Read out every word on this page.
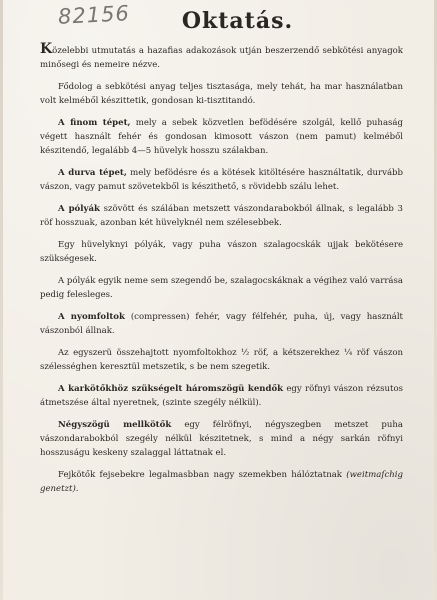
82156	Oktatás.

Közelebbi utmutatás a hazafias adakozások utján beszerzendő sebkötési anyagok minősegi és nemeire nézve.

Fődolog a sebkötési anyag teljes tisztasága, mely tehát, ha mar használatban volt kelméből készittetik, gondosan ki-tisztitandó.

A finom tépet, mely a sebek közvetlen befödésére szolgál, kellő puhaság végett használt fehér és gondosan kimosott vászon (nem pamut) kelméből készitendő, legalább 4—5 hüvelyk hosszu szálakban.

A durva tépet, mely befödésre és a kötések kitöltésére használtatik, durvább vászon, vagy pamut szövetekből is készithető, s rövidebb szálu lehet.

A pólyák szövött és szálában metszett vászondarabokból állnak, s legalább 3 röf hosszuak, azonban két hüvelyknél nem szélesebbek.

Egy hüvelyknyi pólyák, vagy puha vászon szalagocskák ujjak bekötésere szükségesek.

A pólyák egyik neme sem szegendő be, szalagocskáknak a végihez való varrása pedig felesleges.

A nyomfoltok (compressen) fehér, vagy félfehér, puha, új, vagy használt vászonból állnak.

Az egyszerü összehajtott nyomfoltokhoz ½ röf, a kétszerekhez ¼ röf vászon szélességhen keresztül metszetik, s be nem szegetik.

A karkötőkhöz szükségelt háromszögü kendők egy röfnyi vászon rézsutos átmetszése által nyeretnek, (szinte szegély nélkül).

Négyszögü mellkötők egy félröfnyi, négyszegben metszet puha vászondarabokból szegély nélkül készitetnek, s mind a négy sarkán röfnyi hosszuságu keskeny szalaggal láttatnak el.

Fejkötők fejsebekre legalmasbban nagy szemekben hálóztatnak (weitmaſchig genetzt).
